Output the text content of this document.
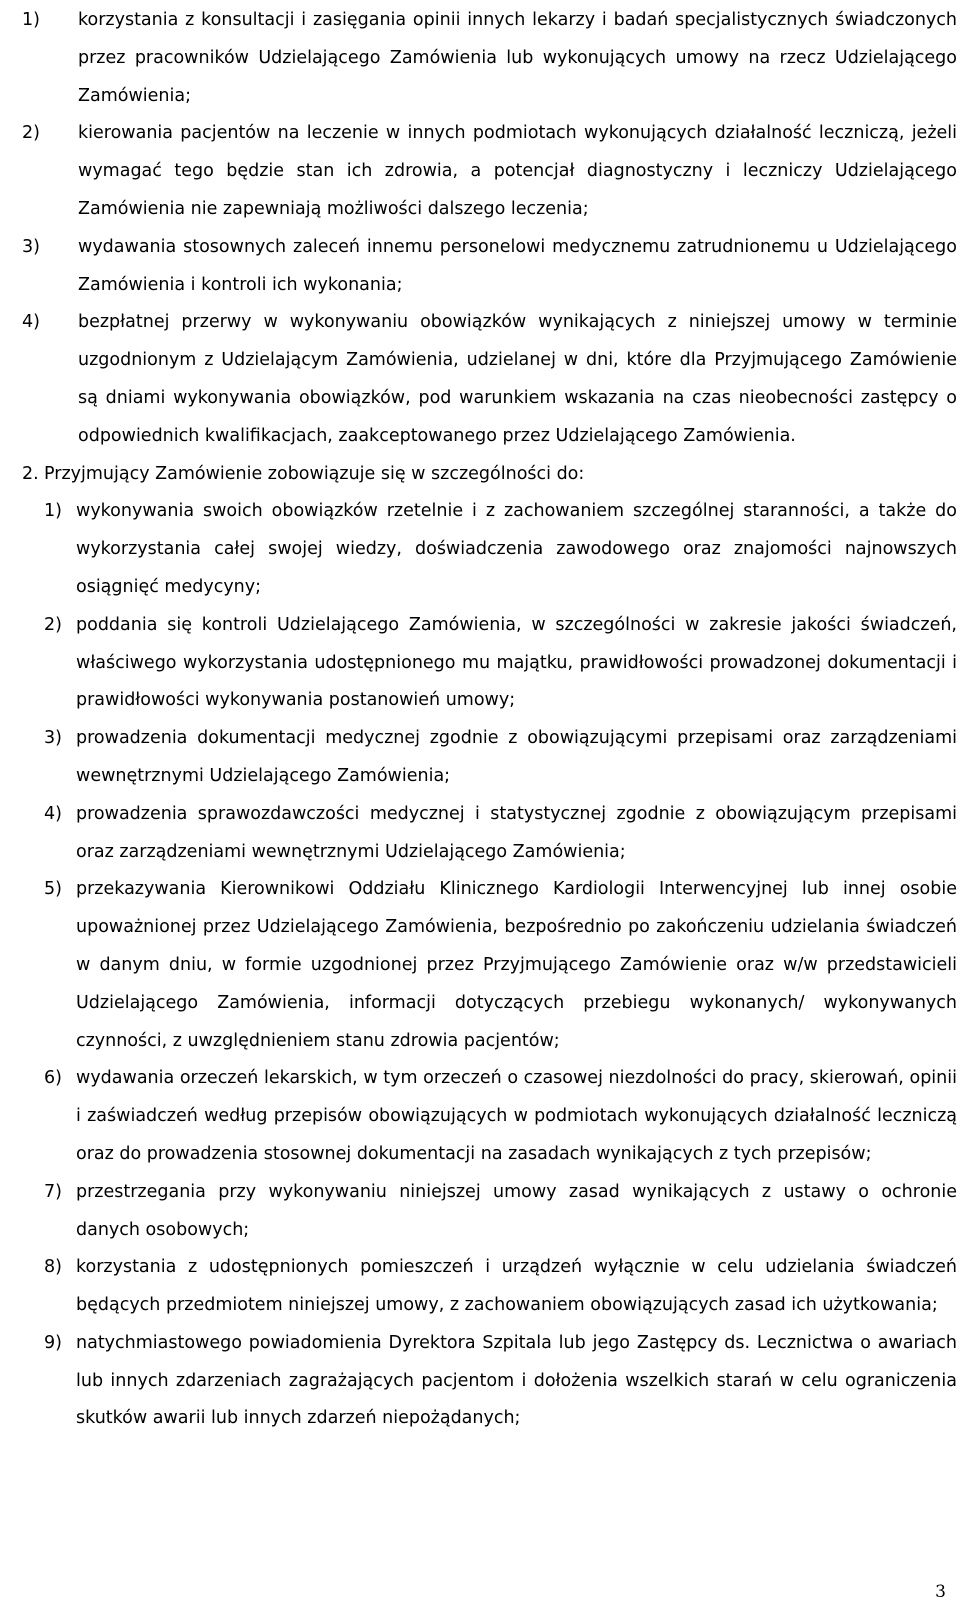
1)	korzystania z konsultacji i zasięgania opinii innych lekarzy i badań specjalistycznych świadczonych przez pracowników Udzielającego Zamówienia lub wykonujących umowy na rzecz Udzielającego Zamówienia;
2)	kierowania pacjentów na leczenie w innych podmiotach wykonujących działalność leczniczą, jeżeli wymagać tego będzie stan ich zdrowia, a potencjał diagnostyczny i leczniczy Udzielającego Zamówienia nie zapewniają możliwości dalszego leczenia;
3)	wydawania stosownych zaleceń innemu personelowi medycznemu zatrudnionemu u Udzielającego Zamówienia i kontroli ich wykonania;
4)	bezpłatnej przerwy w wykonywaniu obowiązków wynikających z niniejszej umowy w terminie uzgodnionym z Udzielającym Zamówienia, udzielanej w dni, które dla Przyjmującego Zamówienie są dniami wykonywania obowiązków, pod warunkiem wskazania na czas nieobecności zastępcy o odpowiednich kwalifikacjach, zaakceptowanego przez Udzielającego Zamówienia.
2. Przyjmujący Zamówienie zobowiązuje się w szczególności do:
1) wykonywania swoich obowiązków rzetelnie i z zachowaniem szczególnej staranności, a także do wykorzystania całej swojej wiedzy, doświadczenia zawodowego oraz znajomości najnowszych osiągnięć medycyny;
2) poddania się kontroli Udzielającego Zamówienia, w szczególności w zakresie jakości świadczeń, właściwego wykorzystania udostępnionego mu majątku, prawidłowości prowadzonej dokumentacji i prawidłowości wykonywania postanowień umowy;
3) prowadzenia dokumentacji medycznej zgodnie z obowiązującymi przepisami oraz zarządzeniami wewnętrznymi Udzielającego Zamówienia;
4) prowadzenia sprawozdawczości medycznej i statystycznej zgodnie z obowiązującym przepisami oraz zarządzeniami wewnętrznymi Udzielającego Zamówienia;
5) przekazywania Kierownikowi Oddziału Klinicznego Kardiologii Interwencyjnej lub innej osobie upoważnionej przez Udzielającego Zamówienia, bezpośrednio po zakończeniu udzielania świadczeń w danym dniu, w formie uzgodnionej przez Przyjmującego Zamówienie oraz w/w przedstawicieli Udzielającego Zamówienia, informacji dotyczących przebiegu wykonanych/ wykonywanych czynności, z uwzględnieniem stanu zdrowia pacjentów;
6) wydawania orzeczeń lekarskich, w tym orzeczeń o czasowej niezdolności do pracy, skierowań, opinii i zaświadczeń według przepisów obowiązujących w podmiotach wykonujących działalność leczniczą oraz do prowadzenia stosownej dokumentacji na zasadach wynikających z tych przepisów;
7) przestrzegania przy wykonywaniu niniejszej umowy zasad wynikających z ustawy o ochronie danych osobowych;
8) korzystania z udostępnionych pomieszczeń i urządzeń wyłącznie w celu udzielania świadczeń będących przedmiotem niniejszej umowy, z zachowaniem obowiązujących zasad ich użytkowania;
9) natychmiastowego powiadomienia Dyrektora Szpitala lub jego Zastępcy ds. Lecznictwa o awariach lub innych zdarzeniach zagrażających pacjentom i dołożenia wszelkich starań w celu ograniczenia skutków awarii lub innych zdarzeń niepożądanych;
3
